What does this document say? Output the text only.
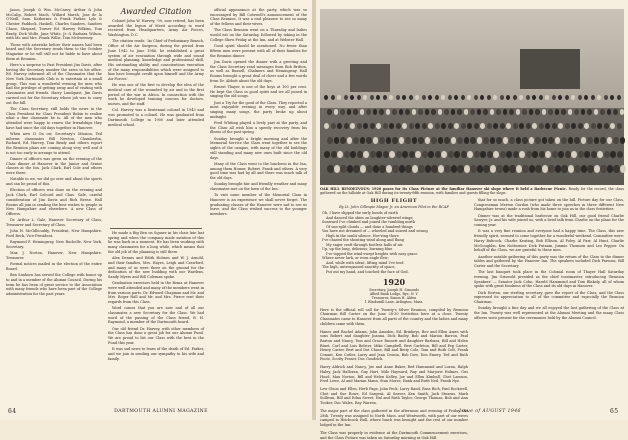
Jason, Joseph & Wm. McCarey, Arthur & John McCalip, Robert Mach, Willard Marsh, Jose de la O'Neill, Sam. Katherine & Frank Parker, Lyle & Chester Paddock, Haskell, Charles Sanders, Sanders Chase, Shepard, Turner Ed. Harvey Wilkins, Tom Brady, Dick Wolfe, Jane White, Jr. & Barbara Wilson, with Mr. and Mrs. Frank Willis, Tom McSweeney.

Those with asterisks before their names had been heard and the Secretary sends them to the October Magazine or he will still not be liable to have about them at Reunion.

Here's a surprise to Past President Jim Davis, after having the Secretary number the news in his office. Ed. Harvey informed all of the Classmates that the New York Dartmouth Club is to entertain at a small group. This was a wonderful evening for men who had the privilege of getting away and of visiting with classmates and friends. Harry Lundquist, Jim Davis carried out for the Secretary whose job was to carry out the bill.

The Class Secretary, still holds the news in the Class President for Class President Rubin to realize what a fine classmate he is. All of the men who attended were happy to renew the friendships they have had since the old days together in Hanover.

When new II On ow, Secretary's Mission, Ted informs classmates Bill Newton, Chamberlin, Richard, Ed. Harvey, Tom Brady and others report the Reunion plans are coming along very well and it is not too early to arrange to attend.

Dinner of officers was given on the evening of the Class dinner at Hanover in the Junior and Senior classes at the Inn. Jack Clark, Earl Cole and others were there.

Notable in we, we did go over and about the sports and can be proud of this.

Election of officers was done on the evening and Jack Clark, Earl Colcord and Chas. Gale, careful consideration of Jim Davis and Rich Reese. Hall Rooms all join in sending the best wishes to people in New Hampshire and elsewhere. A new Class of Officers.

Dr. Arthur L. Gale, Hanover Secretary of Class, Treasurer and Secretary of Class.

John H. McGillicuddy, President, New Hampshire. Ford Beck, Vice-President.

Raymond F. Hemingway, New Rochelle, New York, Secretary.

Max J. Norton, Hanover, New Hampshire. Treasurer.

Formal notices mailed in the election of the entire Board.

Ben Sanborn has served the College with honor up to and in a member of the Alumni Council. During his term he has been of great service to the Association with many friends who have been part of the College administration for the past years.

Awarded Citation

Colonel John W. Harvey, '00, now retired, has been awarded the legion of Merit according to word received from Headquarters, Army Air Forces, Washington, D.C.

The citation reads: 'As Chief of Preliminary Branch, Office of the Air Surgeon, during the period from June 1942 to June 1946, he established a great system of air evacuation through wide and sound medical planning, knowledge and professional skill. His outstanding ability and conscientious execution of the many responsibilities which were assigned to him have brought credit upon himself and the Army Air Forces.'

He was one of the first to develop the idea of the medical care of the wounded by air and in the first period of the war in Africa. In connection with the work he developed training courses for doctors, nurses, and the staff.

Col. Harvey was a lieutenant colonel in 1943 and was promoted to a colonel. He was graduated from Dartmouth College in 1900 and later attended medical school.

He made a Big Ben on Square in his chair late last spring and when the company made mention of this he was back in a moment. He has been working with many classmates for a long while, which means that the old job of the planning is still there.

Alex Dennis and Edith Holmes and W. J. Arnold, and their families, Mrs. Hayes, Leigh and Crawford, and many of us were there on the ground for the dedication of the new building with our Wardens. Sandy Myers and Bill Coleman spoke.

Graduation exercises held in the Bema at Hanover were well attended and many of the members went in from various parts. Dr. Edward Chapman and Mr. and Mrs. Roger Hall and Mr. and Mrs. Pierce sent their regards from this Class.

Word comes that you are now and of all our classmates a new Secretary for the Class. We had word of the passing of the Class friend, R. H. Raymond, a member of the Dartmouth board.

Our old friend Dr. Harvey, with other members of the Class has done a great job for our Alumni Fund. We are proud to list our Class with the best in the Fund this year.

It was sad news to learn of the death of Ed. Parker, and we join in sending our sympathy to his wife and family.

official appearance at the party, which was so encouraged by Bill Cotswell's announcement of the Class Reunion. It was a real pleasure to see so many of the fellows and their wives.

The Class Reunion went on a Thursday and ladies would eat on the Saturday, followed by taking in the College Show Friday at the Inn, and at Webster Hall.

Good spirit should be mentioned. No fewer than fifteen men were present with all of their families for the Reunion dinner.

Jim Davis opened the dinner with a greeting and the Class Secretary read messages from Bob Britton, as well as Russell, Chalmers and Hemingway. Hall Rooms brought a great deal of cheer and a few words from Dr. Abbott about the old days.

Ernest Thayer is one of the boys at 100 per cent. He kept the Class in good spirit and we all joined in singing the old songs.

Just a Try for the good of the Class. They reported a most enjoyable evening in every way, and after singing many songs, the party broke up about midnight.

Fred Whiting played a lively part at the party, and the Class all wish him a speedy recovery from his illness of the past spring.

Sunday brought a bright morning and after the Memorial Service the Class went together to see the sights of the campus, with many of the old buildings still standing and many new ones built since the old days.

Many of the Class went to the luncheon in the Inn, among them Homer, Robert, Frank and others. A very good time was had by all and there was much talk of the old days.

Sunday brought fair and friendly weather and many classmates met on the lawn of the Inn.

To visit some member of the Memorial Class in Hanover is an experience we shall never forget. The graduating classes of the Hanover were sad to see us leave, and the Class wished success to the younger members.

64	DARTMOUTH ALUMNI MAGAZINE
OAK HILL RENDEZVOUS: 1920 poses for its Class Picture at the familiar Hanover ski slope where it held a Barbecue Picnic. Ready for the record, the class gathered on the hillside at Oak Hill during its twenty-fifth reunion, with families and guests filling the slope.
HIGH FLIGHT
By Lt. John Gillespie Magee Jr. an American Pilot in the RCAF
Oh, I have slipped the surly bonds of earth
And danced the skies on laughter-silvered wings;
Sunward I've climbed and joined the tumbling mirth
Of sun-split clouds — and done a hundred things
You have not dreamed of — wheeled and soared and swung
High in the sunlit silence. Hov'ring there
I've chased the shouting wind along and flung
My eager craft through footless halls of air.
Up, up the long, delirious, burning blue
I've topped the wind-swept heights with easy grace
Where never lark, or even eagle flew;
And, while with silent, lifting mind I've trod
The high, untrespassed sanctity of space,
Put out my hand, and touched the face of God.
1920
Secretary, Joseph H. Simonds
Allied Bank Lodge, Rye, N. Y.
Treasurer, Simon H. Alden
1 Windsmill Lane, Arlington, Mass.

Here is the official roll call for Twenty's Silver Reunion, compiled by Reunion Chairman Bill Carter on the June 28-30 festivities here at a close. Twenty Classmates came to Hanover from all parts of the country and the ladies and many children came with them.

Hanes and Rachel Adams, John Amodon, Ed. Brinkeys, Bev and Ellen Ames with sons Robert and daughter Joanna, Dick Bailey, Bob and Marion Barron, Paul Barton and Nancy, Tom and Grace Bassett and daughter Barbara, Bill and Helen Binet, Carl and Lois Bolster, Mike Campbell, Bert Carleton, Bill and Peg Carter, Henry Carter, Bert and Dot Chase, Bill and Betty Cole, Tom and Ruth Colt, Frank Conant, Ken Cutler, Larry and Jean Cronin, Bob Dow, Don Emery, Ted and Ruth Foote, Scotty Fraser, Doc Goodrich.

Harry Aldrich and Nancy, Joe and Anne Baker, Red Hammond and Lorna, Ralph Haley, Jack Halloran, Guy Hart, Milo Hayward, Ray and Marjorie Holmes, Gus Hood, Max Norton, Bill and Helen Kelley, Joe and Ellen Kimball, Chet Lamson, Fred Lowe, Al and Marian Mann, Stan Morse, Hank and Ruth Neil, Frank Nye.

Lew Olson and Ellen, Herb Page, John Peck, Larry Rand, Russ Rich, Paul Rockwell, Chet and Sue Rowe, Ed Sargent, Al Seaver, Ken Smith, Jack Stearns, Mark Sullivan, Bill and Edna Sweet, Hal and Ruth Taylor, George Thomas, Bob and Ann Tucker, Doc Wales, Ray Warren.

The major part of the class gathered in the afternoon and evening of Friday, the 28th. Twenty was assigned to North Mass. and Wentworth, with part of our wives camped in Hitchcock Hall, where lunch was brought and the rest of our number lodged in the Inn.

The Class was properly in evidence at the Dartmouth Commencement exercises, and the Class Picture was taken on Saturday morning at Oak Hill.

that for so much, a class picture got taken on the hill. Picture day for our Class, Congressman Merton Gordon (who made three speeches in three different New Hampshire towns) made a rush from his home to join us in the class festivities.

Dinner was at the traditional barbecue on Oak Hill, our good friend Charlie Sawyer, Jr. and his wife joined us, with a brief talk from Charlie on the plans for the coming year.

It was a very fine reunion and everyone had a happy time. The Class, this new friendly spirit, seemed to come together for a wonderful weekend. Committee were: Harry Babcock, Charlie Keating, Bob Ellison, Al Foley, Al Parr, Al Hunt, Charlie McGoughlin, Ken Notturnier, Dick Putnam, Jimmie Thomsen and Leo Pepper. On behalf of the Class, we are grateful to these men.

Another notable gathering of this party was the return of the Class to the dinner tables and gathered by the Hanover Inn. The speakers included Dick Parsons, Bill Carter and the Secretary.

The last banquet took place in the Colonial room of Thayer Hall Saturday evening. Jim Griswold presided as the chief toastmaster, introducing 'Reunion Speakers' — Senator Jack Cohn, Harold Hammond and Tom Blakely, all of whom spoke with great fondness of the Class and its old days in Hanover.

Dick Horton, our sterling secretary, gave the report of the Class, and the Class expressed its appreciation to all of the committee and especially the Reunion Chairman.

Sunday brought a fine day and we all enjoyed the last gathering of the Class at the Inn. Twenty was well represented at the Alumni Meeting and the many Class officers were present for the ceremonies held by the Alumni Council.

Issue of AUGUST 1946	65
